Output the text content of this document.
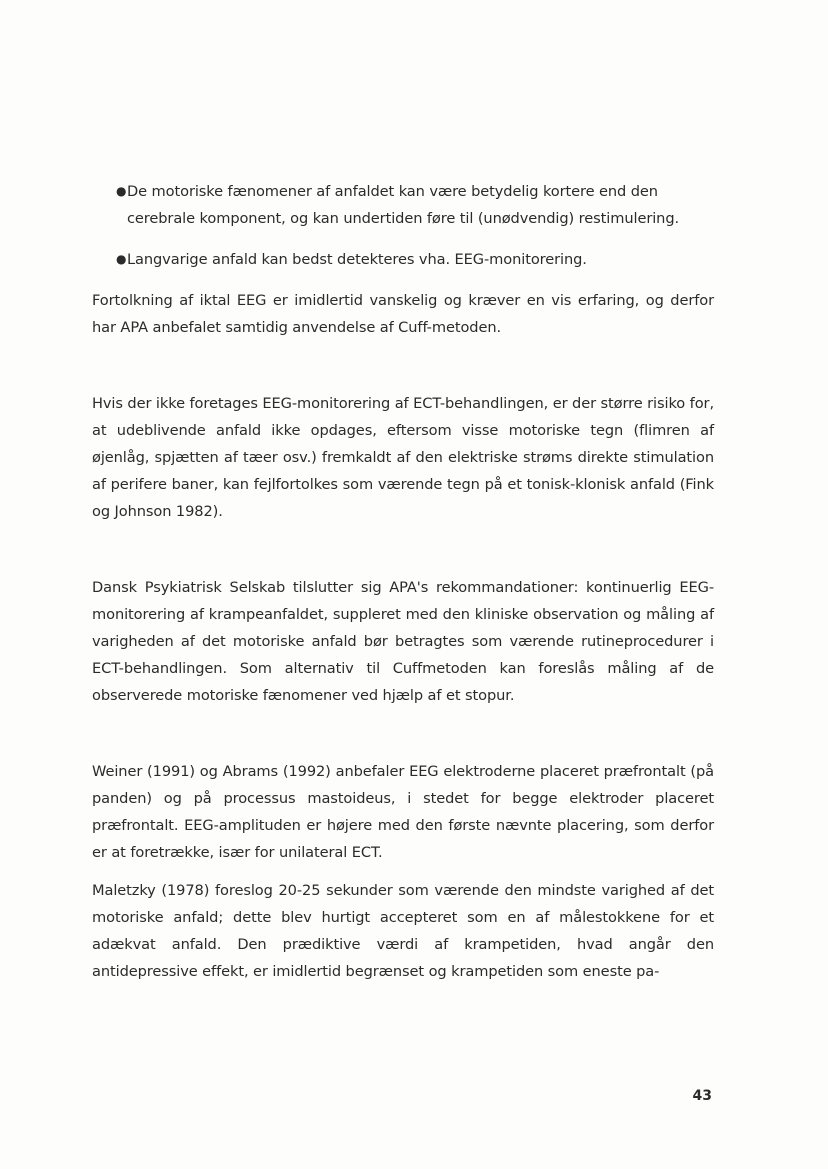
● De motoriske fænomener af anfaldet kan være betydelig kortere end den cerebrale komponent, og kan undertiden føre til (unødvendig) restimulering.
● Langvarige anfald kan bedst detekteres vha. EEG-monitorering.

Fortolkning af iktal EEG er imidlertid vanskelig og kræver en vis erfaring, og derfor har APA anbefalet samtidig anvendelse af Cuff-metoden.

Hvis der ikke foretages EEG-monitorering af ECT-behandlingen, er der større risiko for, at udeblivende anfald ikke opdages, eftersom visse motoriske tegn (flimren af øjenlåg, spjætten af tæer osv.) fremkaldt af den elektriske strøms direkte stimulation af perifere baner, kan fejlfortolkes som værende tegn på et tonisk-klonisk anfald (Fink og Johnson 1982).

Dansk Psykiatrisk Selskab tilslutter sig APA's rekommandationer: kontinuerlig EEG-monitorering af krampeanfaldet, suppleret med den kliniske observation og måling af varigheden af det motoriske anfald bør betragtes som værende rutineprocedurer i ECT-behandlingen. Som alternativ til Cuffmetoden kan foreslås måling af de observerede motoriske fænomener ved hjælp af et stopur.

Weiner (1991) og Abrams (1992) anbefaler EEG elektroderne placeret præfrontalt (på panden) og på processus mastoideus, i stedet for begge elektroder placeret præfrontalt. EEG-amplituden er højere med den første nævnte placering, som derfor er at foretrække, især for unilateral ECT.

Maletzky (1978) foreslog 20-25 sekunder som værende den mindste varighed af det motoriske anfald; dette blev hurtigt accepteret som en af målestokkene for et adækvat anfald. Den prædiktive værdi af krampetiden, hvad angår den antidepressive effekt, er imidlertid begrænset og krampetiden som eneste pa-

43
